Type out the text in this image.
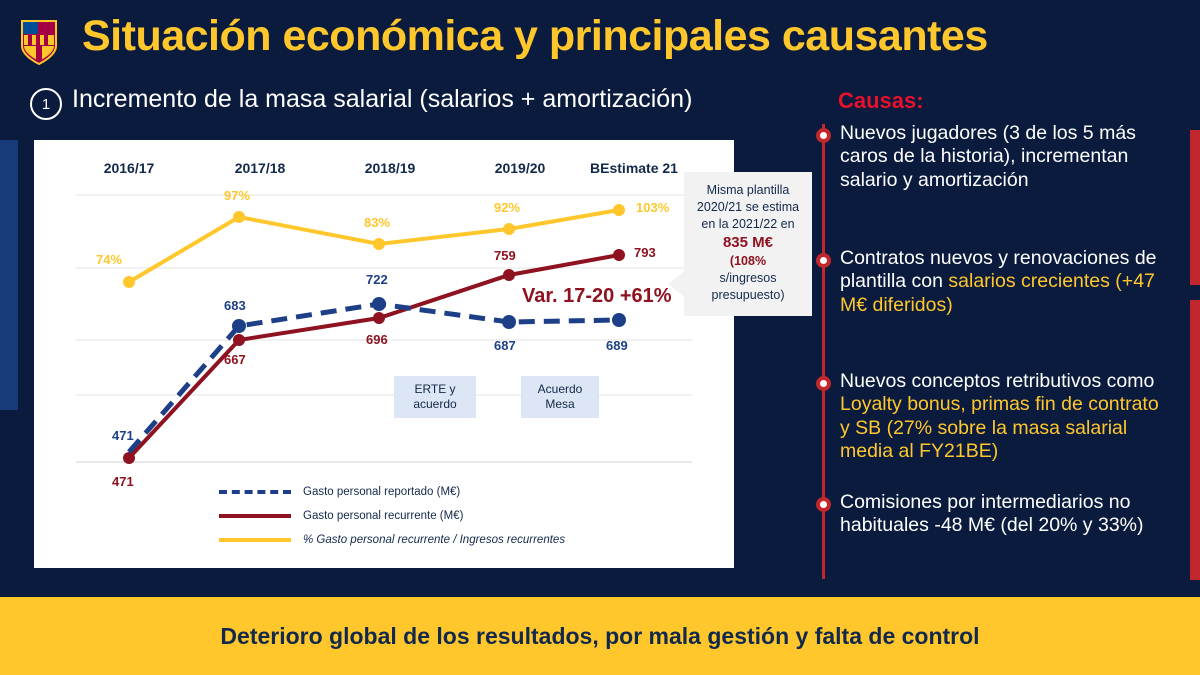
Situación económica y principales causantes
1 Incremento de la masa salarial (salarios + amortización)
2016/17	2017/18	2018/19	2019/20	BEstimate 21
74%
97%
83%
92%	103%
471
683
722
687	689
471
667
696
759	793
Var. 17-20 +61%
ERTE y
acuerdo
Acuerdo
Mesa
Gasto personal reportado (M€)
Gasto personal recurrente (M€)
% Gasto personal recurrente / Ingresos recurrentes
Misma plantilla 2020/21 se estima en la 2021/22 en
835 M€
(108%
s/ingresos presupuesto)
Causas:
Nuevos jugadores (3 de los 5 más caros de la historia), incrementan salario y amortización
Contratos nuevos y renovaciones de plantilla con salarios crecientes (+47 M€ diferidos)
Nuevos conceptos retributivos como Loyalty bonus, primas fin de contrato y SB (27% sobre la masa salarial media al FY21BE)
Comisiones por intermediarios no habituales -48 M€ (del 20% y 33%)
Deterioro global de los resultados, por mala gestión y falta de control
